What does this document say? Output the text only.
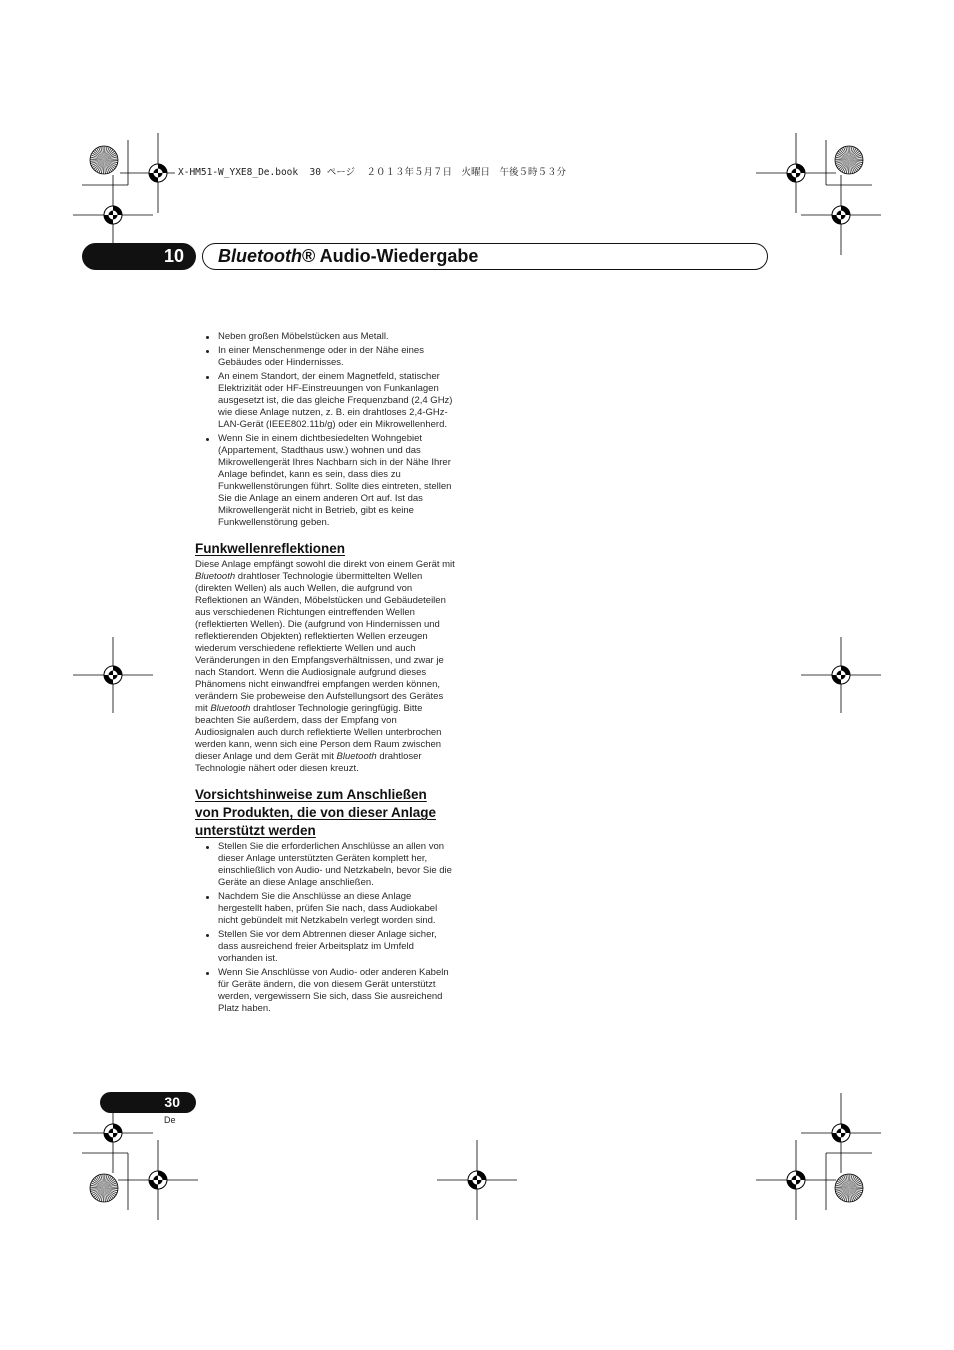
X-HM51-W_YXE8_De.book  30 ページ  ２０１３年５月７日　火曜日　午後５時５３分
10	Bluetooth® Audio-Wiedergabe
Neben großen Möbelstücken aus Metall.
In einer Menschenmenge oder in der Nähe eines
Gebäudes oder Hindernisses.
An einem Standort, der einem Magnetfeld, statischer
Elektrizität oder HF-Einstreuungen von Funkanlagen
ausgesetzt ist, die das gleiche Frequenzband (2,4 GHz)
wie diese Anlage nutzen, z. B. ein drahtloses 2,4-GHz-
LAN-Gerät (IEEE802.11b/g) oder ein Mikrowellenherd.
Wenn Sie in einem dichtbesiedelten Wohngebiet
(Appartement, Stadthaus usw.) wohnen und das
Mikrowellengerät Ihres Nachbarn sich in der Nähe Ihrer
Anlage befindet, kann es sein, dass dies zu
Funkwellenstörungen führt. Sollte dies eintreten, stellen
Sie die Anlage an einem anderen Ort auf. Ist das
Mikrowellengerät nicht in Betrieb, gibt es keine
Funkwellenstörung geben.
Funkwellenreflektionen
Diese Anlage empfängt sowohl die direkt von einem Gerät mit
Bluetooth drahtloser Technologie übermittelten Wellen
(direkten Wellen) als auch Wellen, die aufgrund von
Reflektionen an Wänden, Möbelstücken und Gebäudeteilen
aus verschiedenen Richtungen eintreffenden Wellen
(reflektierten Wellen). Die (aufgrund von Hindernissen und
reflektierenden Objekten) reflektierten Wellen erzeugen
wiederum verschiedene reflektierte Wellen und auch
Veränderungen in den Empfangsverhältnissen, und zwar je
nach Standort. Wenn die Audiosignale aufgrund dieses
Phänomens nicht einwandfrei empfangen werden können,
verändern Sie probeweise den Aufstellungsort des Gerätes
mit Bluetooth drahtloser Technologie geringfügig. Bitte
beachten Sie außerdem, dass der Empfang von
Audiosignalen auch durch reflektierte Wellen unterbrochen
werden kann, wenn sich eine Person dem Raum zwischen
dieser Anlage und dem Gerät mit Bluetooth drahtloser
Technologie nähert oder diesen kreuzt.
Vorsichtshinweise zum Anschließen
von Produkten, die von dieser Anlage
unterstützt werden
Stellen Sie die erforderlichen Anschlüsse an allen von
dieser Anlage unterstützten Geräten komplett her,
einschließlich von Audio- und Netzkabeln, bevor Sie die
Geräte an diese Anlage anschließen.
Nachdem Sie die Anschlüsse an diese Anlage
hergestellt haben, prüfen Sie nach, dass Audiokabel
nicht gebündelt mit Netzkabeln verlegt worden sind.
Stellen Sie vor dem Abtrennen dieser Anlage sicher,
dass ausreichend freier Arbeitsplatz im Umfeld
vorhanden ist.
Wenn Sie Anschlüsse von Audio- oder anderen Kabeln
für Geräte ändern, die von diesem Gerät unterstützt
werden, vergewissern Sie sich, dass Sie ausreichend
Platz haben.
30
De
